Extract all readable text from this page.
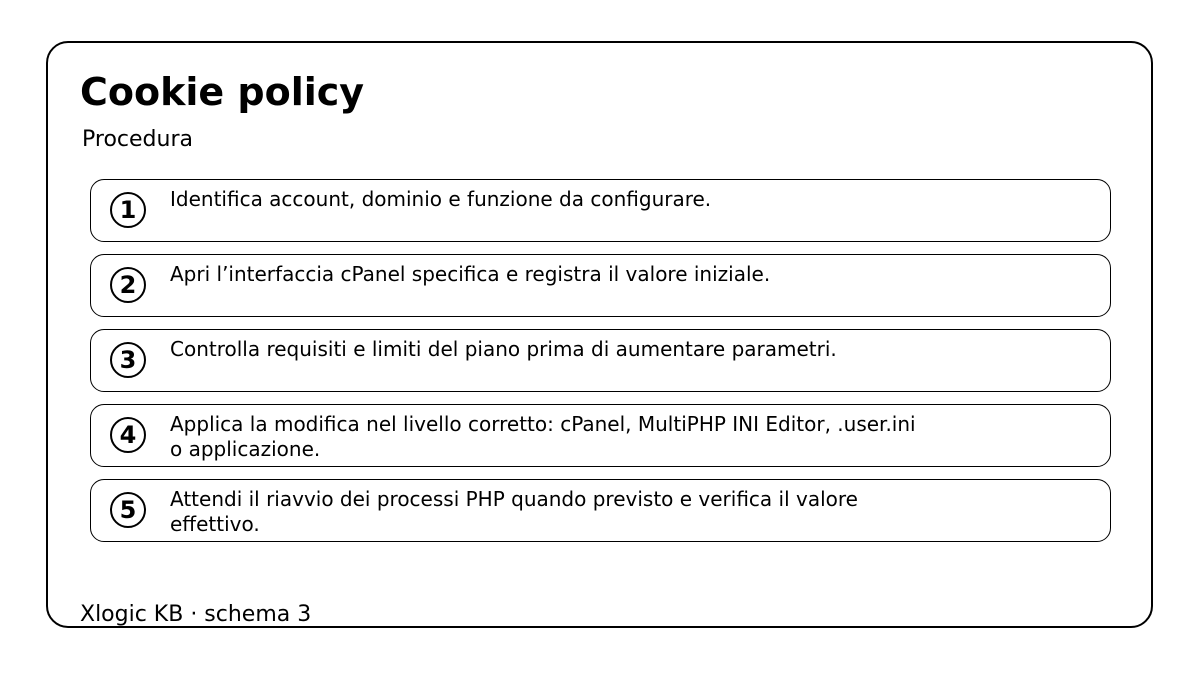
Cookie policy
Procedura
1	Identifica account, dominio e funzione da configurare.
2	Apri l’interfaccia cPanel specifica e registra il valore iniziale.
3	Controlla requisiti e limiti del piano prima di aumentare parametri.
4	Applica la modifica nel livello corretto: cPanel, MultiPHP INI Editor, .user.ini o applicazione.
5	Attendi il riavvio dei processi PHP quando previsto e verifica il valore effettivo.
Xlogic KB · schema 3
